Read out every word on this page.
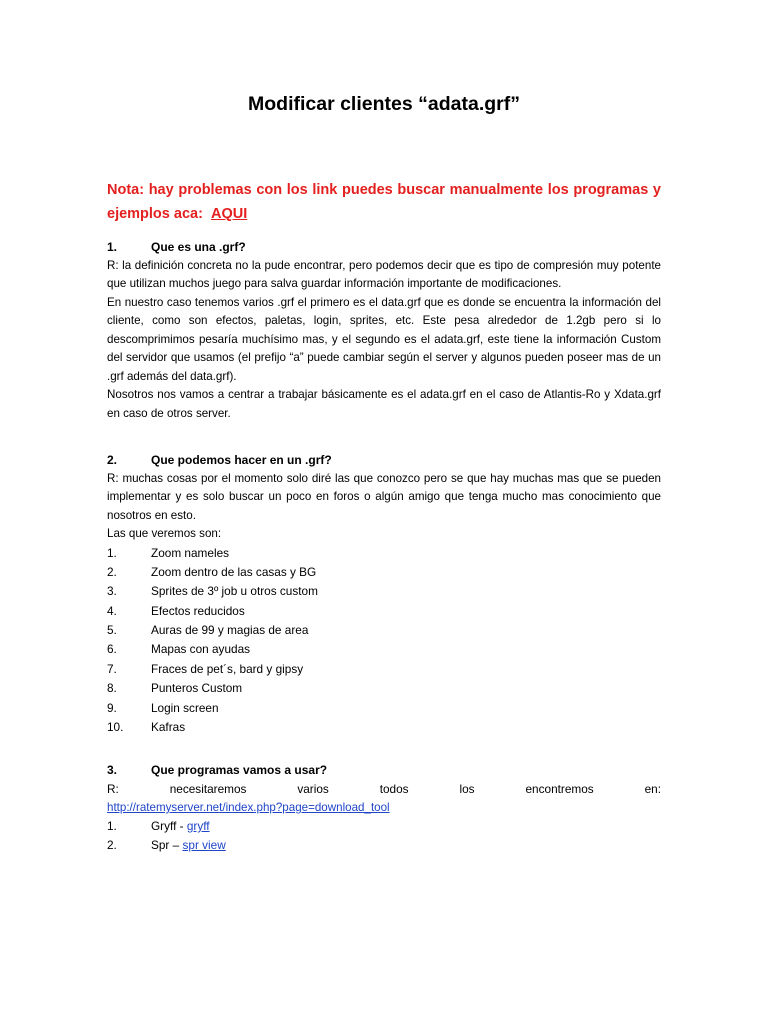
Modificar clientes “adata.grf”

Nota: hay problemas con los link puedes buscar manualmente los programas y ejemplos aca: AQUI

1.	Que es una .grf?

R: la definición concreta no la pude encontrar, pero podemos decir que es tipo de compresión muy potente que utilizan muchos juego para salva guardar información importante de modificaciones.

En nuestro caso tenemos varios .grf el primero es el data.grf que es donde se encuentra la información del cliente, como son efectos, paletas, login, sprites, etc. Este pesa alrededor de 1.2gb pero si lo descomprimimos pesaría muchísimo mas, y el segundo es el adata.grf, este tiene la información Custom del servidor que usamos (el prefijo “a” puede cambiar según el server y algunos pueden poseer mas de un .grf además del data.grf).

Nosotros nos vamos a centrar a trabajar básicamente es el adata.grf en el caso de Atlantis-Ro y Xdata.grf en caso de otros server.

2.	Que podemos hacer en un .grf?

R: muchas cosas por el momento solo diré las que conozco pero se que hay muchas mas que se pueden implementar y es solo buscar un poco en foros o algún amigo que tenga mucho mas conocimiento que nosotros en esto.

Las que veremos son:

1.	Zoom nameles
2.	Zoom dentro de las casas y BG
3.	Sprites de 3º job u otros custom
4.	Efectos reducidos
5.	Auras de 99 y magias de area
6.	Mapas con ayudas
7.	Fraces de pet´s, bard y gipsy
8.	Punteros Custom
9.	Login screen
10.	Kafras
3.	Que programas vamos a usar?
R:	necesitaremos	varios	todos	los	encontremos	en:
http://ratemyserver.net/index.php?page=download_tool
1.	Gryff - gryff
2.	Spr – spr view
